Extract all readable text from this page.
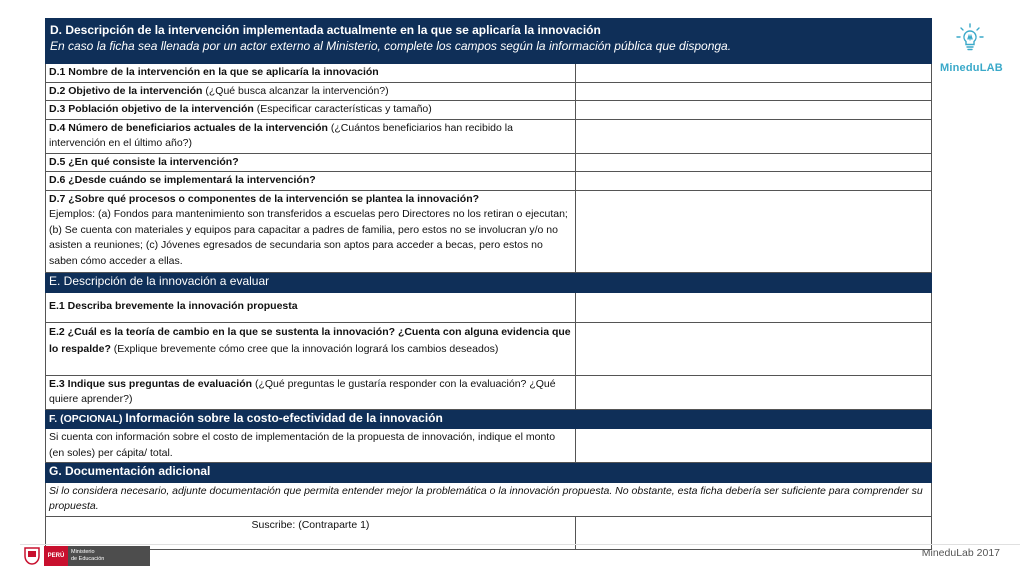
D. Descripción de la intervención implementada actualmente en la que se aplicaría la innovación
En caso la ficha sea llenada por un actor externo al Ministerio, complete los campos según la información pública que disponga.	

D.1 Nombre de la intervención en la que se aplicaría la innovación	
D.2 Objetivo de la intervención (¿Qué busca alcanzar la intervención?)	
D.3 Población objetivo de la intervención (Especificar características y tamaño)	
D.4 Número de beneficiarios actuales de la intervención (¿Cuántos beneficiarios han recibido la intervención en el último año?)	
D.5 ¿En qué consiste la intervención?	
D.6 ¿Desde cuándo se implementará la intervención?	
D.7 ¿Sobre qué procesos o componentes de la intervención se plantea la innovación?
Ejemplos: (a) Fondos para mantenimiento son transferidos a escuelas pero Directores no los retiran o ejecutan; (b) Se cuenta con materiales y equipos para capacitar a padres de familia, pero estos no se involucran y/o no asisten a reuniones; (c) Jóvenes egresados de secundaria son aptos para acceder a becas, pero estos no saben cómo acceder a ellas.	
E. Descripción de la innovación a evaluar	
E.1 Describa brevemente la innovación propuesta	
E.2 ¿Cuál es la teoría de cambio en la que se sustenta la innovación? ¿Cuenta con alguna evidencia que lo respalde? (Explique brevemente cómo cree que la innovación logrará los cambios deseados)	
E.3 Indique sus preguntas de evaluación (¿Qué preguntas le gustaría responder con la evaluación? ¿Qué quiere aprender?)	
F. (OPCIONAL) Información sobre la costo-efectividad de la innovación	
Si cuenta con información sobre el costo de implementación de la propuesta de innovación, indique el monto (en soles) per cápita/ total.	
G. Documentación adicional	
Si lo considera necesario, adjunte documentación que permita entender mejor la problemática o la innovación propuesta. No obstante, esta ficha debería ser suficiente para comprender su propuesta.	
Suscribe: (Contraparte 1)	
MineduLAB
PERÚ
Ministerio
de Educación	MineduLab 2017
